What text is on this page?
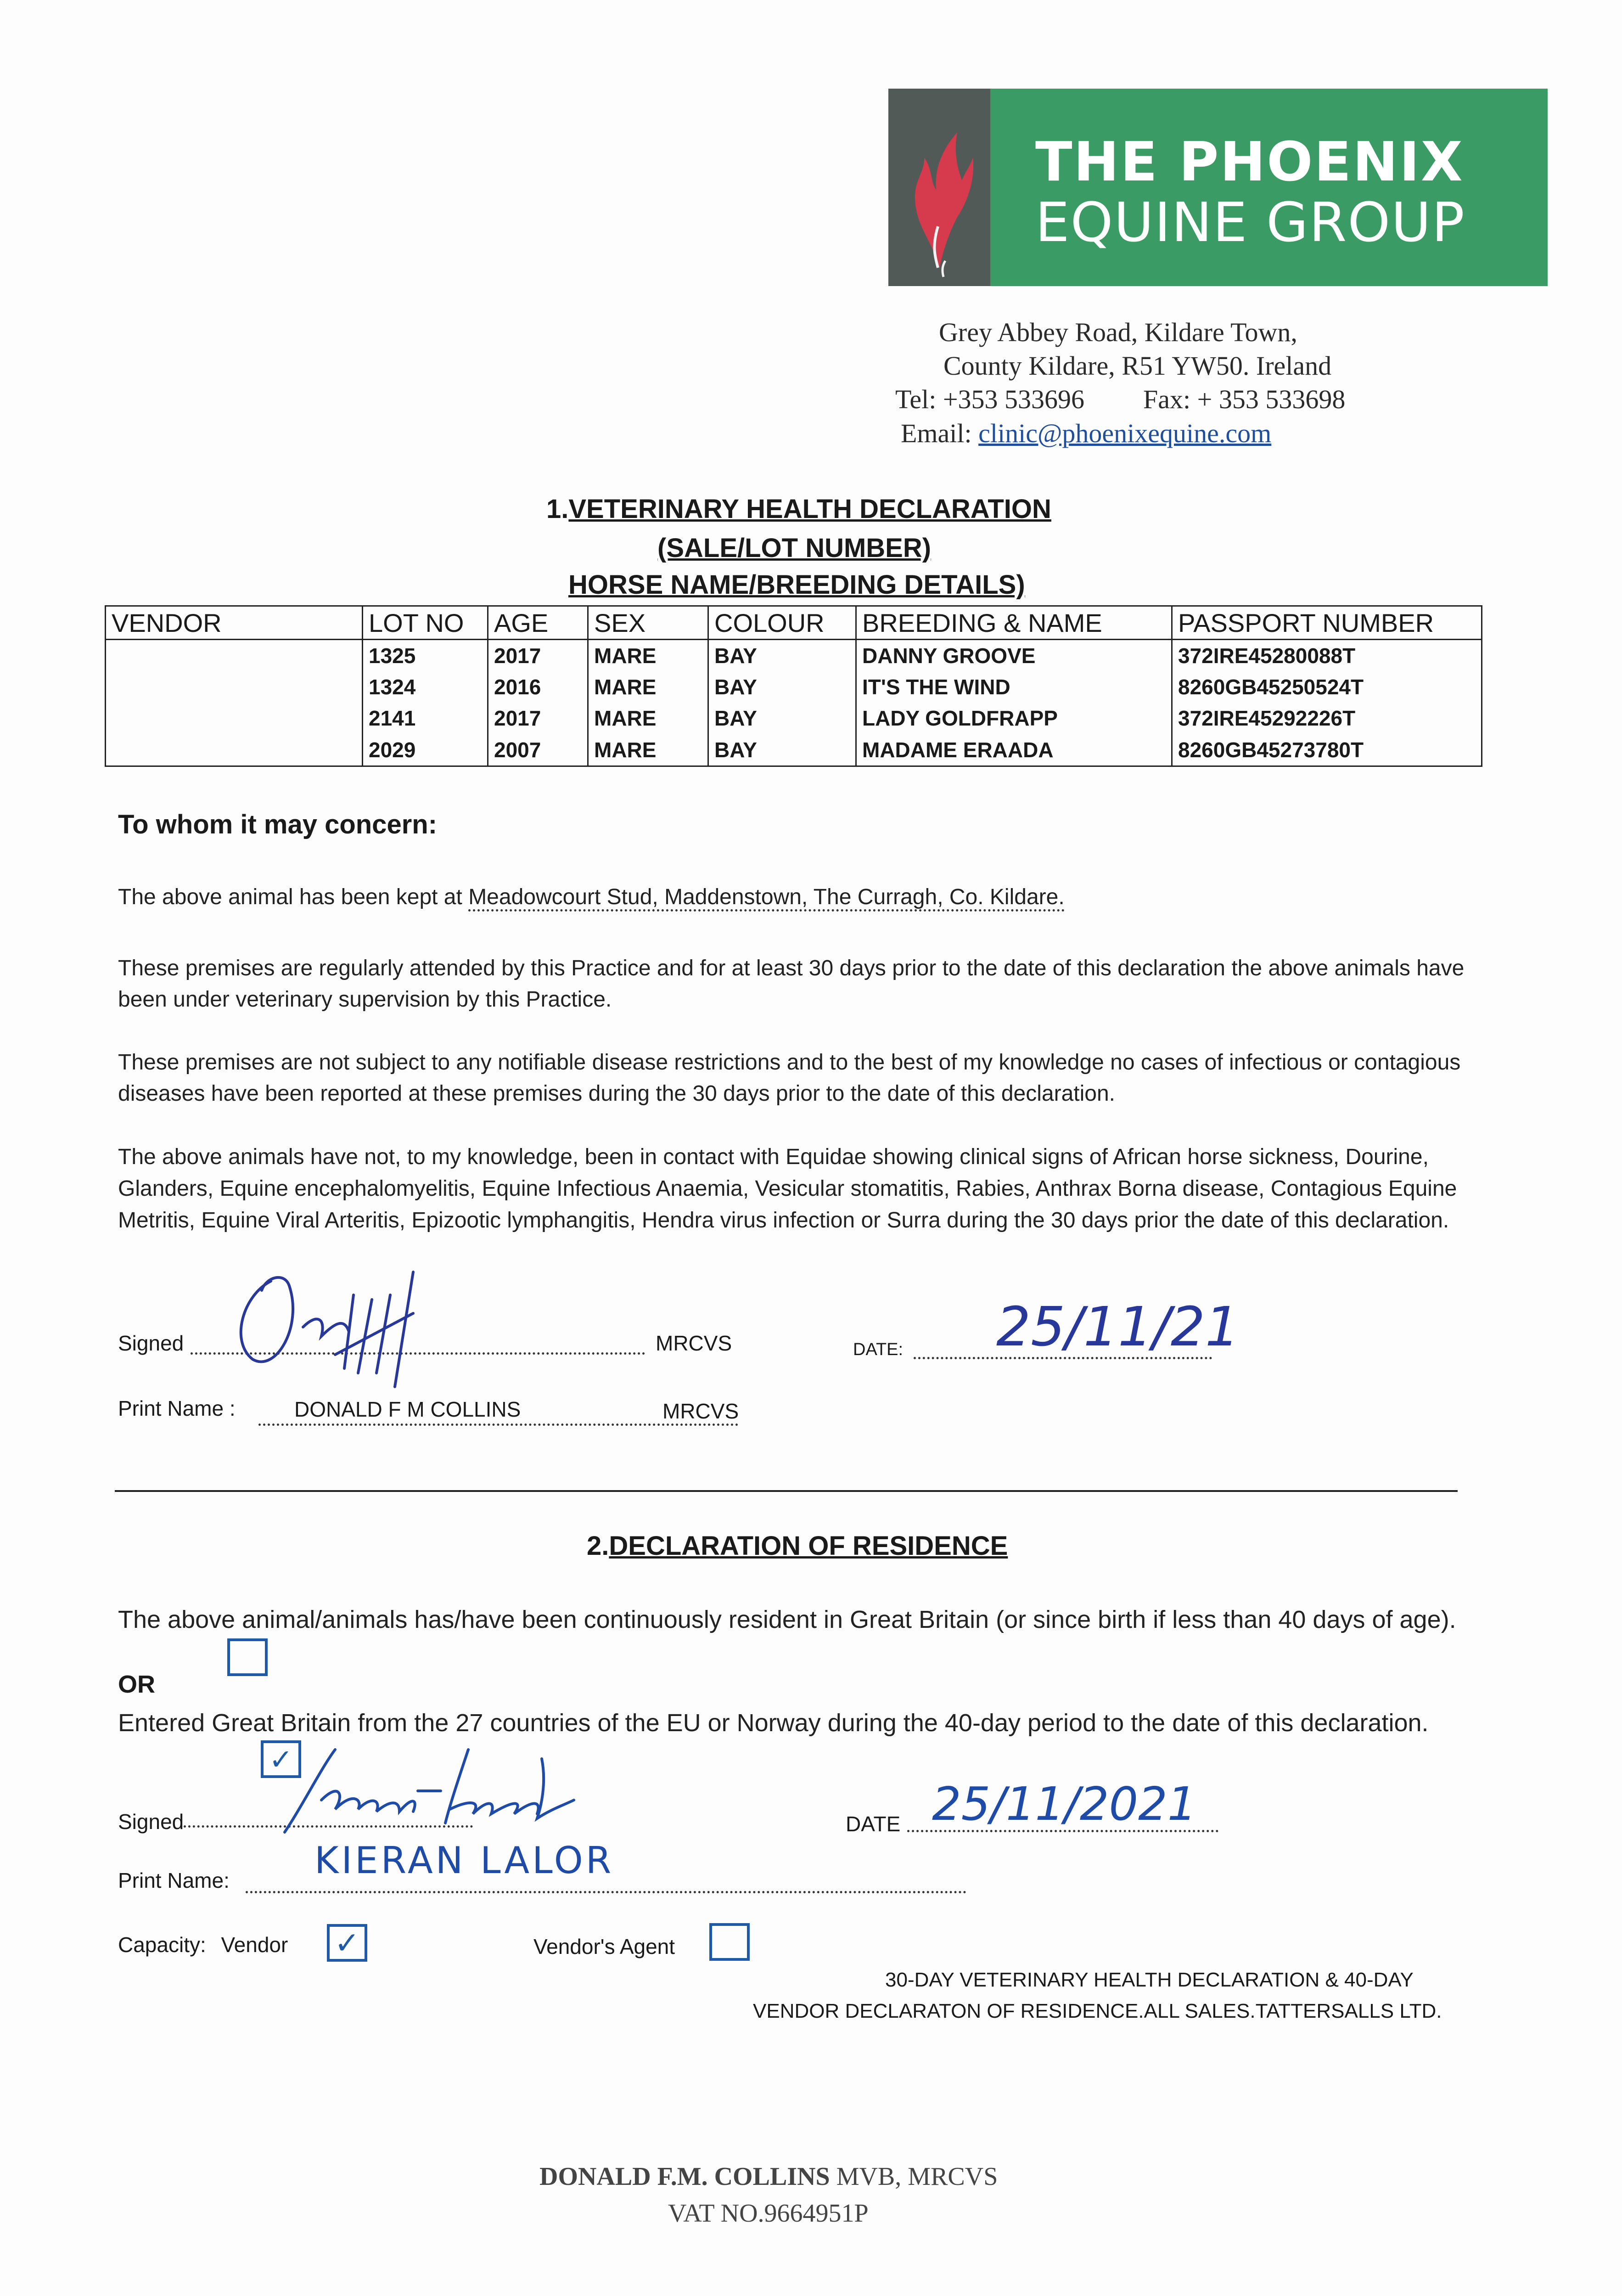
THE PHOENIX
EQUINE GROUP
Grey Abbey Road, Kildare Town,
County Kildare, R51 YW50. Ireland
Tel: +353 533696 Fax: + 353 533698
Email: clinic@phoenixequine.com
1.VETERINARY HEALTH DECLARATION
(SALE/LOT NUMBER)
HORSE NAME/BREEDING DETAILS)
VENDOR	LOT NO	AGE	SEX	COLOUR	BREEDING & NAME	PASSPORT NUMBER
	1325	2017	MARE	BAY	DANNY GROOVE	372IRE45280088T
	1324	2016	MARE	BAY	IT'S THE WIND	8260GB45250524T
	2141	2017	MARE	BAY	LADY GOLDFRAPP	372IRE45292226T
	2029	2007	MARE	BAY	MADAME ERAADA	8260GB45273780T
To whom it may concern:
The above animal has been kept at Meadowcourt Stud, Maddenstown, The Curragh, Co. Kildare.
These premises are regularly attended by this Practice and for at least 30 days prior to the date of this declaration the above animals have been under veterinary supervision by this Practice.
These premises are not subject to any notifiable disease restrictions and to the best of my knowledge no cases of infectious or contagious diseases have been reported at these premises during the 30 days prior to the date of this declaration.
The above animals have not, to my knowledge, been in contact with Equidae showing clinical signs of African horse sickness, Dourine, Glanders, Equine encephalomyelitis, Equine Infectious Anaemia, Vesicular stomatitis, Rabies, Anthrax Borna disease, Contagious Equine Metritis, Equine Viral Arteritis, Epizootic lymphangitis, Hendra virus infection or Surra during the 30 days prior the date of this declaration.
Signed	MRCVS	DATE: 25/11/21
Print Name :	DONALD F M COLLINS	MRCVS
2.DECLARATION OF RESIDENCE
The above animal/animals has/have been continuously resident in Great Britain (or since birth if less than 40 days of age).
OR
Entered Great Britain from the 27 countries of the EU or Norway during the 40-day period to the date of this declaration.
✓
Signed	DATE 25/11/2021
Print Name: KIERAN LALOR
Capacity: Vendor ✓	Vendor's Agent
30-DAY VETERINARY HEALTH DECLARATION & 40-DAY
VENDOR DECLARATON OF RESIDENCE.ALL SALES.TATTERSALLS LTD.
DONALD F.M. COLLINS MVB, MRCVS
VAT NO.9664951P
